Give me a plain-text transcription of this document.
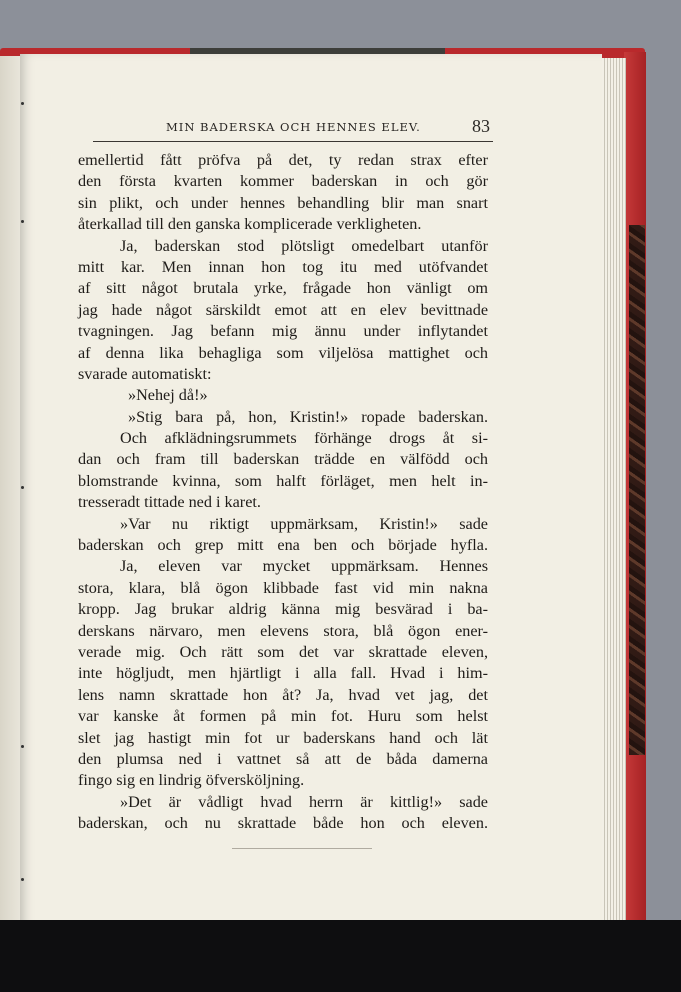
MIN BADERSKA OCH HENNES ELEV.	83
emellertid fått pröfva på det, ty redan strax efter
den första kvarten kommer baderskan in och gör
sin plikt, och under hennes behandling blir man snart
återkallad till den ganska komplicerade verkligheten.
Ja, baderskan stod plötsligt omedelbart utanför
mitt kar. Men innan hon tog itu med utöfvandet
af sitt något brutala yrke, frågade hon vänligt om
jag hade något särskildt emot att en elev bevittnade
tvagningen. Jag befann mig ännu under inflytandet
af denna lika behagliga som viljelösa mattighet och
svarade automatiskt:
»Nehej då!»
»Stig bara på, hon, Kristin!» ropade baderskan.
Och afklädningsrummets förhänge drogs åt si-
dan och fram till baderskan trädde en välfödd och
blomstrande kvinna, som halft förläget, men helt in-
tresseradt tittade ned i karet.
»Var nu riktigt uppmärksam, Kristin!» sade
baderskan och grep mitt ena ben och började hyfla.
Ja, eleven var mycket uppmärksam. Hennes
stora, klara, blå ögon klibbade fast vid min nakna
kropp. Jag brukar aldrig känna mig besvärad i ba-
derskans närvaro, men elevens stora, blå ögon ener-
verade mig. Och rätt som det var skrattade eleven,
inte högljudt, men hjärtligt i alla fall. Hvad i him-
lens namn skrattade hon åt? Ja, hvad vet jag, det
var kanske åt formen på min fot. Huru som helst
slet jag hastigt min fot ur baderskans hand och lät
den plumsa ned i vattnet så att de båda damerna
fingo sig en lindrig öfversköljning.
»Det är vådligt hvad herrn är kittlig!» sade
baderskan, och nu skrattade både hon och eleven.
